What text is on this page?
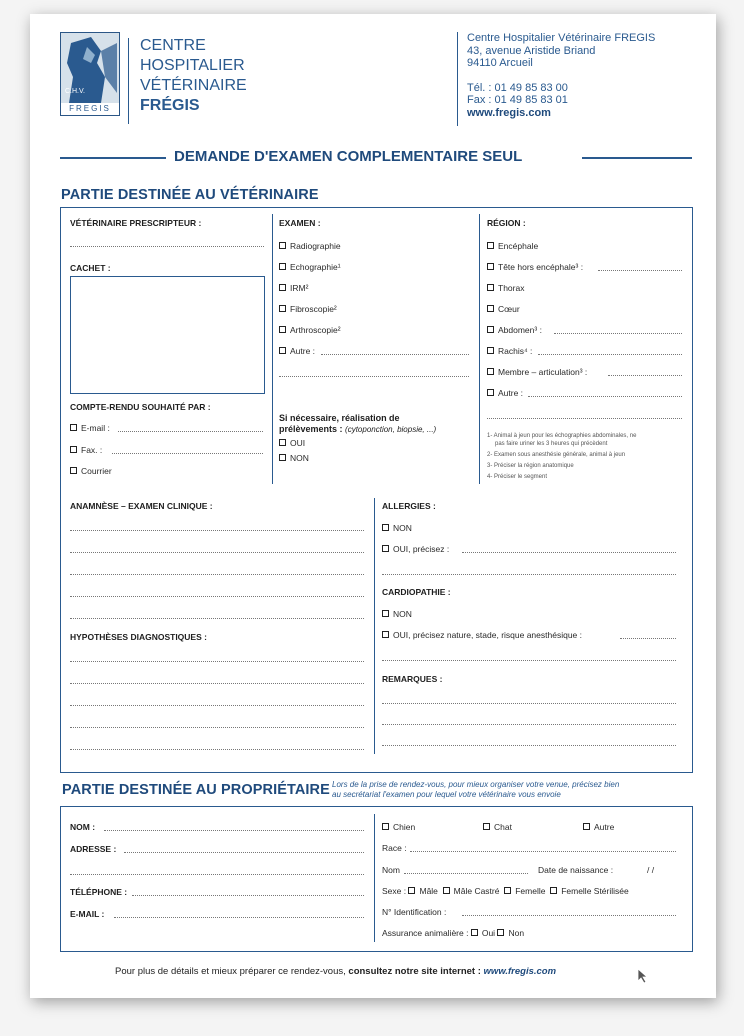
C.H.V.
FREGIS
CENTRE
HOSPITALIER
VÉTÉRINAIRE
FRÉGIS
Centre Hospitalier Vétérinaire FREGIS
43, avenue Aristide Briand
94110 Arcueil
Tél. : 01 49 85 83 00
Fax : 01 49 85 83 01
www.fregis.com
DEMANDE D'EXAMEN COMPLEMENTAIRE SEUL
PARTIE DESTINÉE AU VÉTÉRINAIRE
VÉTÉRINAIRE PRESCRIPTEUR :
CACHET :
COMPTE-RENDU SOUHAITÉ PAR :
E-mail :
Fax. :
Courrier
EXAMEN :
Radiographie
Echographie¹
IRM²
Fibroscopie²
Arthroscopie²
Autre :
Si nécessaire, réalisation de
prélèvements : (cytoponction, biopsie, ...)
OUI
NON
RÉGION :
Encéphale
Tête hors encéphale³ :
Thorax
Cœur
Abdomen³ :
Rachis⁴ :
Membre – articulation³ :
Autre :
1- Animal à jeun pour les échographies abdominales, ne
pas faire uriner les 3 heures qui précèdent
2- Examen sous anesthésie générale, animal à jeun
3- Préciser la région anatomique
4- Préciser le segment
ANAMNÈSE – EXAMEN CLINIQUE :
HYPOTHÈSES DIAGNOSTIQUES :
ALLERGIES :
NON
OUI, précisez :
CARDIOPATHIE :
NON
OUI, précisez nature, stade, risque anesthésique :
REMARQUES :
PARTIE DESTINÉE AU PROPRIÉTAIRE Lors de la prise de rendez-vous, pour mieux organiser votre venue, précisez bien
au secrétariat l'examen pour lequel votre vétérinaire vous envoie
NOM :
ADRESSE :
TÉLÉPHONE :
E-MAIL :
Chien	Chat	Autre
Race :
Nom	Date de naissance :	/ /
Sexe : Mâle Mâle Castré Femelle Femelle Stérilisée
N° Identification :
Assurance animalière : Oui Non
Pour plus de détails et mieux préparer ce rendez-vous, consultez notre site internet : www.fregis.com
